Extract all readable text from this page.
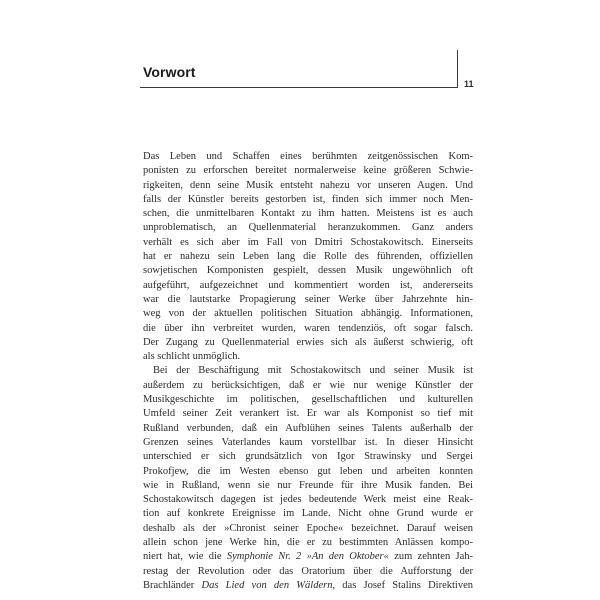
Vorwort
11
Das Leben und Schaffen eines berühmten zeitgenössischen Kom-
ponisten zu erforschen bereitet normalerweise keine größeren Schwie-
rigkeiten, denn seine Musik entsteht nahezu vor unseren Augen. Und
falls der Künstler bereits gestorben ist, finden sich immer noch Men-
schen, die unmittelbaren Kontakt zu ihm hatten. Meistens ist es auch
unproblematisch, an Quellenmaterial heranzukommen. Ganz anders
verhält es sich aber im Fall von Dmitri Schostakowitsch. Einerseits
hat er nahezu sein Leben lang die Rolle des führenden, offiziellen
sowjetischen Komponisten gespielt, dessen Musik ungewöhnlich oft
aufgeführt, aufgezeichnet und kommentiert worden ist, andererseits
war die lautstarke Propagierung seiner Werke über Jahrzehnte hin-
weg von der aktuellen politischen Situation abhängig. Informationen,
die über ihn verbreitet wurden, waren tendenziös, oft sogar falsch.
Der Zugang zu Quellenmaterial erwies sich als äußerst schwierig, oft
als schlicht unmöglich.
Bei der Beschäftigung mit Schostakowitsch und seiner Musik ist
außerdem zu berücksichtigen, daß er wie nur wenige Künstler der
Musikgeschichte im politischen, gesellschaftlichen und kulturellen
Umfeld seiner Zeit verankert ist. Er war als Komponist so tief mit
Rußland verbunden, daß ein Aufblühen seines Talents außerhalb der
Grenzen seines Vaterlandes kaum vorstellbar ist. In dieser Hinsicht
unterschied er sich grundsätzlich von Igor Strawinsky und Sergei
Prokofjew, die im Westen ebenso gut leben und arbeiten konnten
wie in Rußland, wenn sie nur Freunde für ihre Musik fanden. Bei
Schostakowitsch dagegen ist jedes bedeutende Werk meist eine Reak-
tion auf konkrete Ereignisse im Lande. Nicht ohne Grund wurde er
deshalb als der »Chronist seiner Epoche« bezeichnet. Darauf weisen
allein schon jene Werke hin, die er zu bestimmten Anlässen kompo-
niert hat, wie die Symphonie Nr. 2 »An den Oktober« zum zehnten Jah-
restag der Revolution oder das Oratorium über die Aufforstung der
Brachländer Das Lied von den Wäldern, das Josef Stalins Direktiven
